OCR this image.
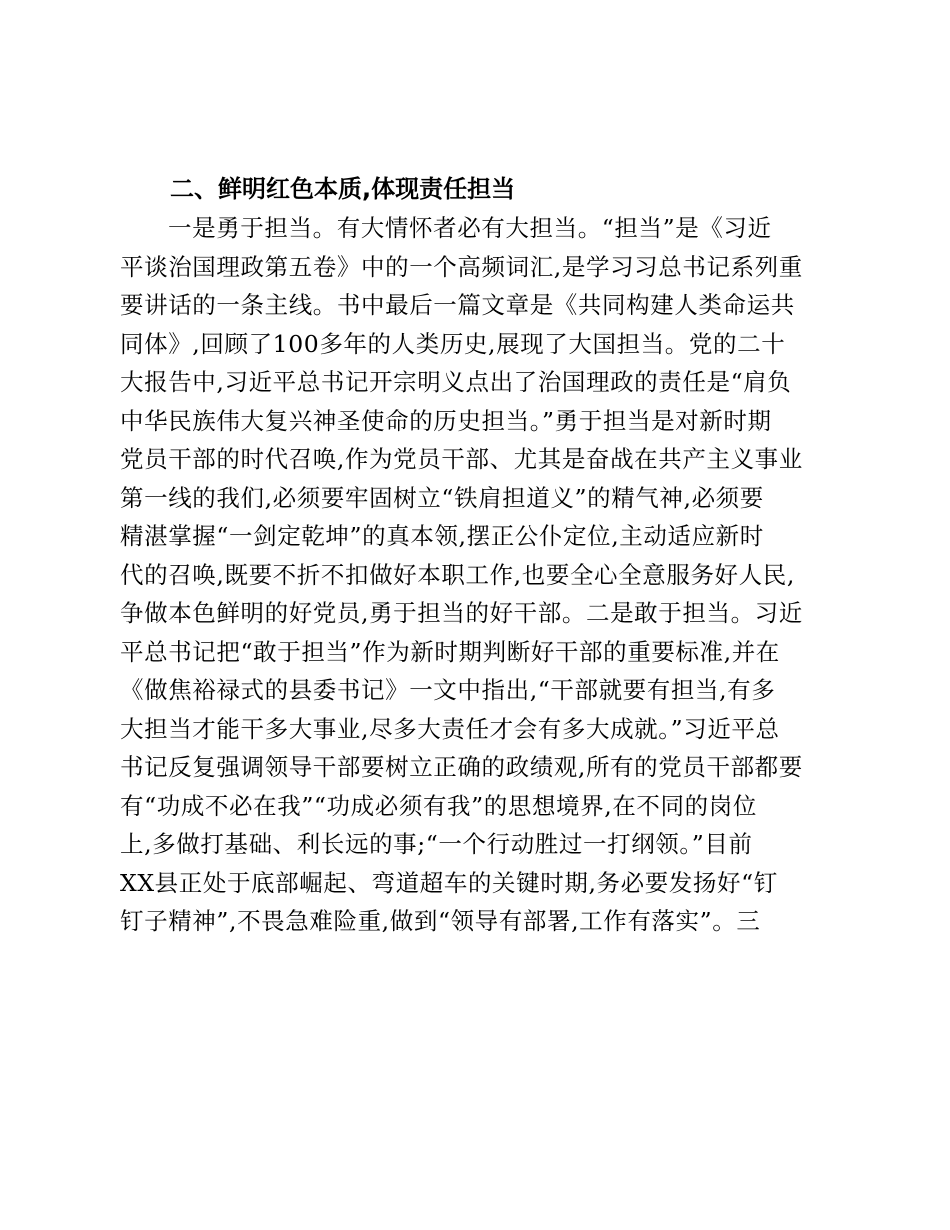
二、鲜明红色本质,体现责任担当
一是勇于担当。有大情怀者必有大担当。“担当”是《习近
平谈治国理政第五卷》中的一个高频词汇,是学习习总书记系列重
要讲话的一条主线。书中最后一篇文章是《共同构建人类命运共
同体》,回顾了100多年的人类历史,展现了大国担当。党的二十
大报告中,习近平总书记开宗明义点出了治国理政的责任是“肩负
中华民族伟大复兴神圣使命的历史担当。”勇于担当是对新时期
党员干部的时代召唤,作为党员干部、尤其是奋战在共产主义事业
第一线的我们,必须要牢固树立“铁肩担道义”的精气神,必须要
精湛掌握“一剑定乾坤”的真本领,摆正公仆定位,主动适应新时
代的召唤,既要不折不扣做好本职工作,也要全心全意服务好人民,
争做本色鲜明的好党员,勇于担当的好干部。二是敢于担当。习近
平总书记把“敢于担当”作为新时期判断好干部的重要标准,并在
《做焦裕禄式的县委书记》一文中指出,“干部就要有担当,有多
大担当才能干多大事业,尽多大责任才会有多大成就。”习近平总
书记反复强调领导干部要树立正确的政绩观,所有的党员干部都要
有“功成不必在我”“功成必须有我”的思想境界,在不同的岗位
上,多做打基础、利长远的事;“一个行动胜过一打纲领。”目前
XX县正处于底部崛起、弯道超车的关键时期,务必要发扬好“钉
钉子精神”,不畏急难险重,做到“领导有部署,工作有落实”。三
